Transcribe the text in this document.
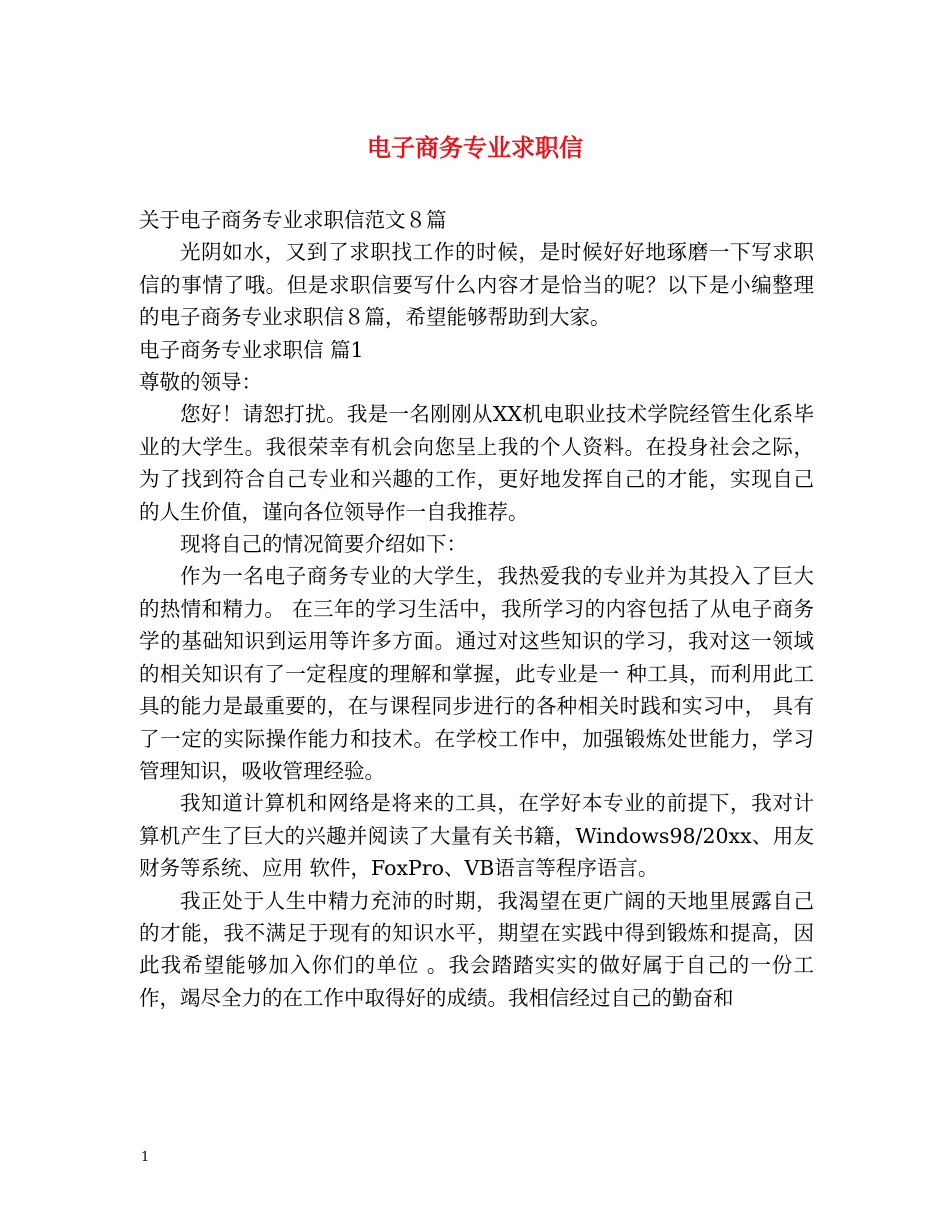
电子商务专业求职信

关于电子商务专业求职信范文８篇

光阴如水，又到了求职找工作的时候，是时候好好地琢磨一下写求职信的事情了哦。但是求职信要写什么内容才是恰当的呢？以下是小编整理的电子商务专业求职信８篇，希望能够帮助到大家。

电子商务专业求职信 篇1

尊敬的领导：

您好！请恕打扰。我是一名刚刚从XX机电职业技术学院经管生化系毕业的大学生。我很荣幸有机会向您呈上我的个人资料。在投身社会之际，为了找到符合自己专业和兴趣的工作，更好地发挥自己的才能，实现自己的人生价值，谨向各位领导作一自我推荐。

现将自己的情况简要介绍如下：

作为一名电子商务专业的大学生，我热爱我的专业并为其投入了巨大的热情和精力。 在三年的学习生活中，我所学习的内容包括了从电子商务学的基础知识到运用等许多方面。通过对这些知识的学习，我对这一领域的相关知识有了一定程度的理解和掌握，此专业是一 种工具，而利用此工具的能力是最重要的，在与课程同步进行的各种相关时践和实习中， 具有了一定的实际操作能力和技术。在学校工作中，加强锻炼处世能力，学习管理知识，吸收管理经验。

我知道计算机和网络是将来的工具，在学好本专业的前提下，我对计算机产生了巨大的兴趣并阅读了大量有关书籍，Windows98/20xx、用友财务等系统、应用 软件，FoxPro、VB语言等程序语言。

我正处于人生中精力充沛的时期，我渴望在更广阔的天地里展露自己的才能，我不满足于现有的知识水平，期望在实践中得到锻炼和提高，因此我希望能够加入你们的单位 。我会踏踏实实的做好属于自己的一份工作，竭尽全力的在工作中取得好的成绩。我相信经过自己的勤奋和

1
